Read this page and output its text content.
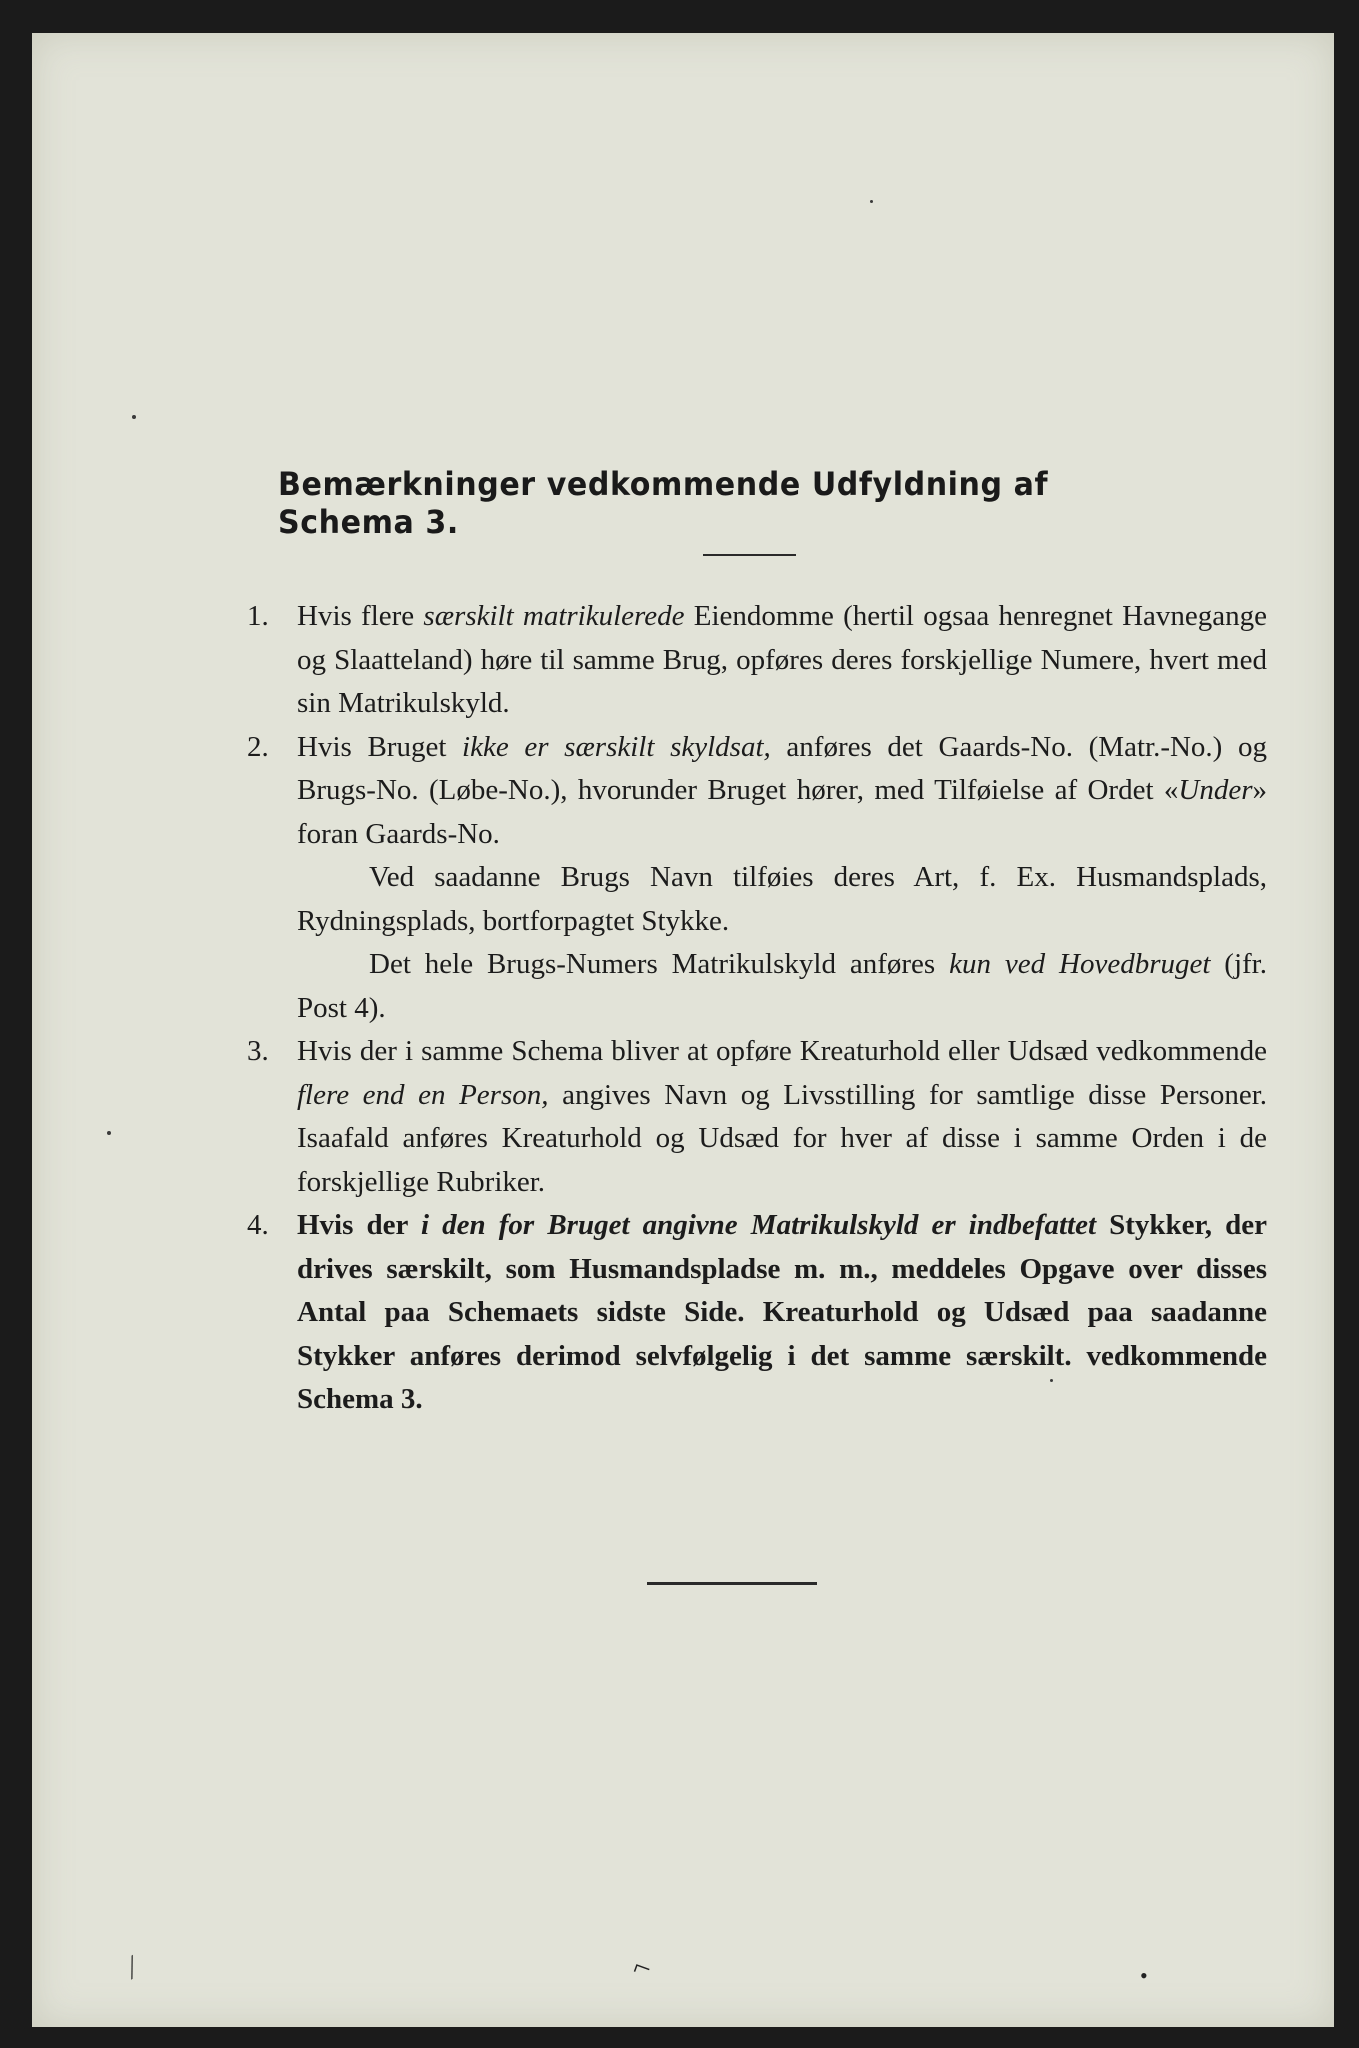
Bemærkninger vedkommende Udfyldning af Schema 3.
1. Hvis flere særskilt matrikulerede Eiendomme (hertil ogsaa henregnet Havnegange og Slaatteland) høre til samme Brug, opføres deres forskjellige Numere, hvert med sin Matrikulskyld.
2. Hvis Bruget ikke er særskilt skyldsat, anføres det Gaards-No. (Matr.-No.) og Brugs-No. (Løbe-No.), hvorunder Bruget hører, med Tilføielse af Ordet «Under» foran Gaards-No.
Ved saadanne Brugs Navn tilføies deres Art, f. Ex. Husmandsplads, Rydningsplads, bortforpagtet Stykke.
Det hele Brugs-Numers Matrikulskyld anføres kun ved Hovedbruget (jfr. Post 4).
3. Hvis der i samme Schema bliver at opføre Kreaturhold eller Udsæd vedkommende flere end en Person, angives Navn og Livsstilling for samtlige disse Personer. Isaafald anføres Kreaturhold og Udsæd for hver af disse i samme Orden i de forskjellige Rubriker.
4. Hvis der i den for Bruget angivne Matrikulskyld er indbefattet Stykker, der drives særskilt, som Husmandspladse m. m., meddeles Opgave over disses Antal paa Schemaets sidste Side. Kreaturhold og Udsæd paa saadanne Stykker anføres derimod selvfølgelig i det samme særskilt. vedkommende Schema 3.
⁄	⌐	•
